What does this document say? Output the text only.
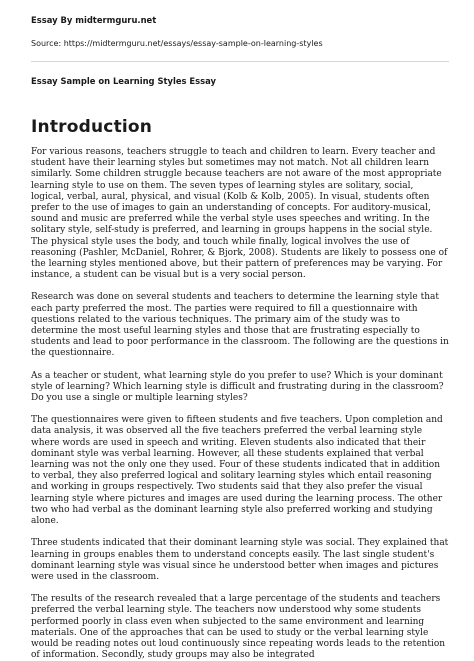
Essay By midtermguru.net

Source: https://midtermguru.net/essays/essay-sample-on-learning-styles

Essay Sample on Learning Styles Essay

Introduction

For various reasons, teachers struggle to teach and children to learn. Every teacher and student have their learning styles but sometimes may not match. Not all children learn similarly. Some children struggle because teachers are not aware of the most appropriate learning style to use on them. The seven types of learning styles are solitary, social, logical, verbal, aural, physical, and visual (Kolb & Kolb, 2005). In visual, students often prefer to the use of images to gain an understanding of concepts. For auditory-musical, sound and music are preferred while the verbal style uses speeches and writing. In the solitary style, self-study is preferred, and learning in groups happens in the social style. The physical style uses the body, and touch while finally, logical involves the use of reasoning (Pashler, McDaniel, Rohrer, & Bjork, 2008). Students are likely to possess one of the learning styles mentioned above, but their pattern of preferences may be varying. For instance, a student can be visual but is a very social person.

Research was done on several students and teachers to determine the learning style that each party preferred the most. The parties were required to fill a questionnaire with questions related to the various techniques. The primary aim of the study was to determine the most useful learning styles and those that are frustrating especially to students and lead to poor performance in the classroom. The following are the questions in the questionnaire.

As a teacher or student, what learning style do you prefer to use? Which is your dominant style of learning? Which learning style is difficult and frustrating during in the classroom? Do you use a single or multiple learning styles?

The questionnaires were given to fifteen students and five teachers. Upon completion and data analysis, it was observed all the five teachers preferred the verbal learning style where words are used in speech and writing. Eleven students also indicated that their dominant style was verbal learning. However, all these students explained that verbal learning was not the only one they used. Four of these students indicated that in addition to verbal, they also preferred logical and solitary learning styles which entail reasoning and working in groups respectively. Two students said that they also prefer the visual learning style where pictures and images are used during the learning process. The other two who had verbal as the dominant learning style also preferred working and studying alone.

Three students indicated that their dominant learning style was social. They explained that learning in groups enables them to understand concepts easily. The last single student's dominant learning style was visual since he understood better when images and pictures were used in the classroom.

The results of the research revealed that a large percentage of the students and teachers preferred the verbal learning style. The teachers now understood why some students performed poorly in class even when subjected to the same environment and learning materials. One of the approaches that can be used to study or the verbal learning style would be reading notes out loud continuously since repeating words leads to the retention of information. Secondly, study groups may also be integrated
